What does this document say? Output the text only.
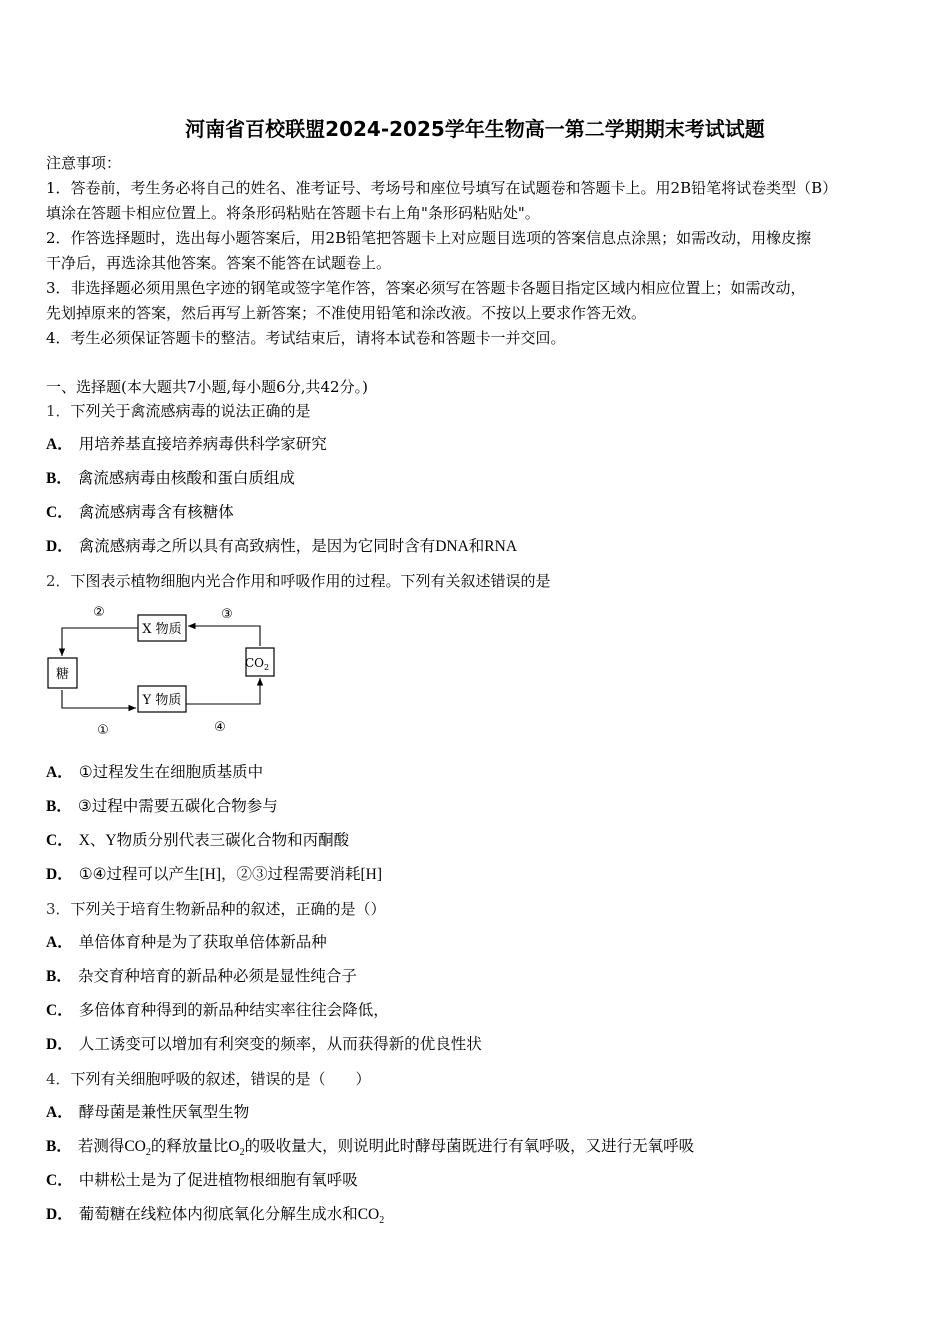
河南省百校联盟2024-2025学年生物高一第二学期期末考试试题
注意事项：
1．答卷前，考生务必将自己的姓名、准考证号、考场号和座位号填写在试题卷和答题卡上。用2B铅笔将试卷类型（B）
填涂在答题卡相应位置上。将条形码粘贴在答题卡右上角"条形码粘贴处"。
2．作答选择题时，选出每小题答案后，用2B铅笔把答题卡上对应题目选项的答案信息点涂黑；如需改动，用橡皮擦
干净后，再选涂其他答案。答案不能答在试题卷上。
3．非选择题必须用黑色字迹的钢笔或签字笔作答，答案必须写在答题卡各题目指定区域内相应位置上；如需改动，
先划掉原来的答案，然后再写上新答案；不准使用铅笔和涂改液。不按以上要求作答无效。
4．考生必须保证答题卡的整洁。考试结束后，请将本试卷和答题卡一并交回。
一、选择题(本大题共7小题,每小题6分,共42分。)
1．下列关于禽流感病毒的说法正确的是
A． 用培养基直接培养病毒供科学家研究
B． 禽流感病毒由核酸和蛋白质组成
C． 禽流感病毒含有核糖体
D． 禽流感病毒之所以具有高致病性，是因为它同时含有DNA和RNA
2．下图表示植物细胞内光合作用和呼吸作用的过程。下列有关叙述错误的是
糖
X 物质
Y 物质
$CO_2$
②	③
①	④
A． ①过程发生在细胞质基质中
B． ③过程中需要五碳化合物参与
C． X、Y物质分别代表三碳化合物和丙酮酸
D． ①④过程可以产生[H]，②③过程需要消耗[H]
3．下列关于培育生物新品种的叙述，正确的是（）
A． 单倍体育种是为了获取单倍体新品种
B． 杂交育种培育的新品种必须是显性纯合子
C． 多倍体育种得到的新品种结实率往往会降低，
D． 人工诱变可以增加有利突变的频率，从而获得新的优良性状
4．下列有关细胞呼吸的叙述，错误的是（　　）
A． 酵母菌是兼性厌氧型生物
B． 若测得$CO_2$的释放量比$O_2$的吸收量大，则说明此时酵母菌既进行有氧呼吸，又进行无氧呼吸
C． 中耕松土是为了促进植物根细胞有氧呼吸
D． 葡萄糖在线粒体内彻底氧化分解生成水和$CO_2$
